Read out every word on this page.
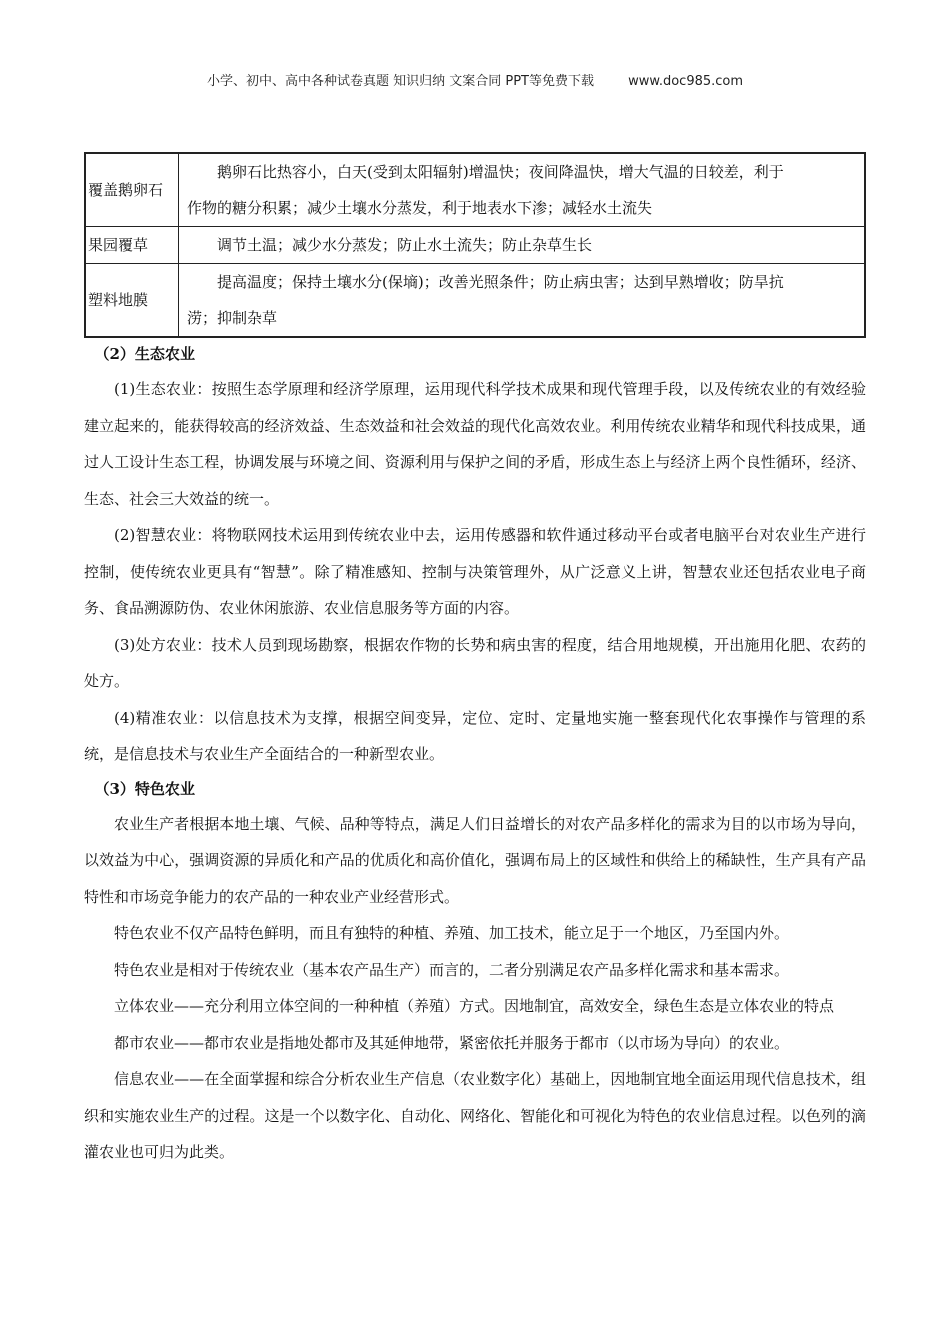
小学、初中、高中各种试卷真题 知识归纳 文案合同 PPT等免费下载	www.doc985.com
覆盖鹅卵石	鹅卵石比热容小，白天(受到太阳辐射)增温快；夜间降温快，增大气温的日较差，利于
作物的糖分积累；减少土壤水分蒸发，利于地表水下渗；减轻水土流失

果园覆草	调节土温；减少水分蒸发；防止水土流失；防止杂草生长

塑料地膜	提高温度；保持土壤水分(保墒)；改善光照条件；防止病虫害；达到早熟增收；防旱抗
涝；抑制杂草

（2）生态农业

(1)生态农业：按照生态学原理和经济学原理，运用现代科学技术成果和现代管理手段，以及传统农业的有效经验建立起来的，能获得较高的经济效益、生态效益和社会效益的现代化高效农业。利用传统农业精华和现代科技成果，通过人工设计生态工程，协调发展与环境之间、资源利用与保护之间的矛盾，形成生态上与经济上两个良性循环，经济、生态、社会三大效益的统一。

(2)智慧农业：将物联网技术运用到传统农业中去，运用传感器和软件通过移动平台或者电脑平台对农业生产进行控制，使传统农业更具有“智慧”。除了精准感知、控制与决策管理外，从广泛意义上讲，智慧农业还包括农业电子商务、食品溯源防伪、农业休闲旅游、农业信息服务等方面的内容。

(3)处方农业：技术人员到现场勘察，根据农作物的长势和病虫害的程度，结合用地规模，开出施用化肥、农药的处方。

(4)精准农业：以信息技术为支撑，根据空间变异，定位、定时、定量地实施一整套现代化农事操作与管理的系统，是信息技术与农业生产全面结合的一种新型农业。

（3）特色农业

农业生产者根据本地土壤、气候、品种等特点，满足人们日益增长的对农产品多样化的需求为目的以市场为导向，以效益为中心，强调资源的异质化和产品的优质化和高价值化，强调布局上的区域性和供给上的稀缺性，生产具有产品特性和市场竞争能力的农产品的一种农业产业经营形式。

特色农业不仅产品特色鲜明，而且有独特的种植、养殖、加工技术，能立足于一个地区，乃至国内外。

特色农业是相对于传统农业（基本农产品生产）而言的，二者分别满足农产品多样化需求和基本需求。

立体农业——充分利用立体空间的一种种植（养殖）方式。因地制宜，高效安全，绿色生态是立体农业的特点

都市农业——都市农业是指地处都市及其延伸地带，紧密依托并服务于都市（以市场为导向）的农业。

信息农业——在全面掌握和综合分析农业生产信息（农业数字化）基础上，因地制宜地全面运用现代信息技术，组织和实施农业生产的过程。这是一个以数字化、自动化、网络化、智能化和可视化为特色的农业信息过程。以色列的滴灌农业也可归为此类。
